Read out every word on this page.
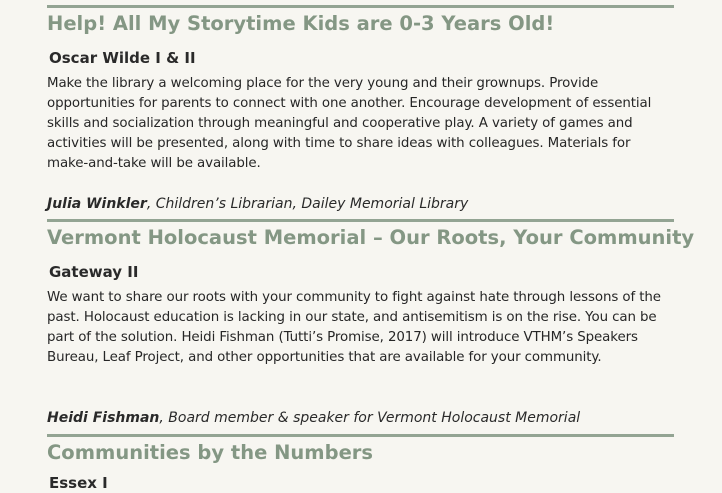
Help! All My Storytime Kids are 0-3 Years Old!
Oscar Wilde I & II

Make the library a welcoming place for the very young and their grownups. Provide opportunities for parents to connect with one another. Encourage development of essential skills and socialization through meaningful and cooperative play. A variety of games and activities will be presented, along with time to share ideas with colleagues. Materials for make-and-take will be available.

Julia Winkler, Children’s Librarian, Dailey Memorial Library

Vermont Holocaust Memorial – Our Roots, Your Community
Gateway II

We want to share our roots with your community to fight against hate through lessons of the past. Holocaust education is lacking in our state, and antisemitism is on the rise. You can be part of the solution. Heidi Fishman (Tutti’s Promise, 2017) will introduce VTHM’s Speakers Bureau, Leaf Project, and other opportunities that are available for your community.

Heidi Fishman, Board member & speaker for Vermont Holocaust Memorial

Communities by the Numbers
Essex I
